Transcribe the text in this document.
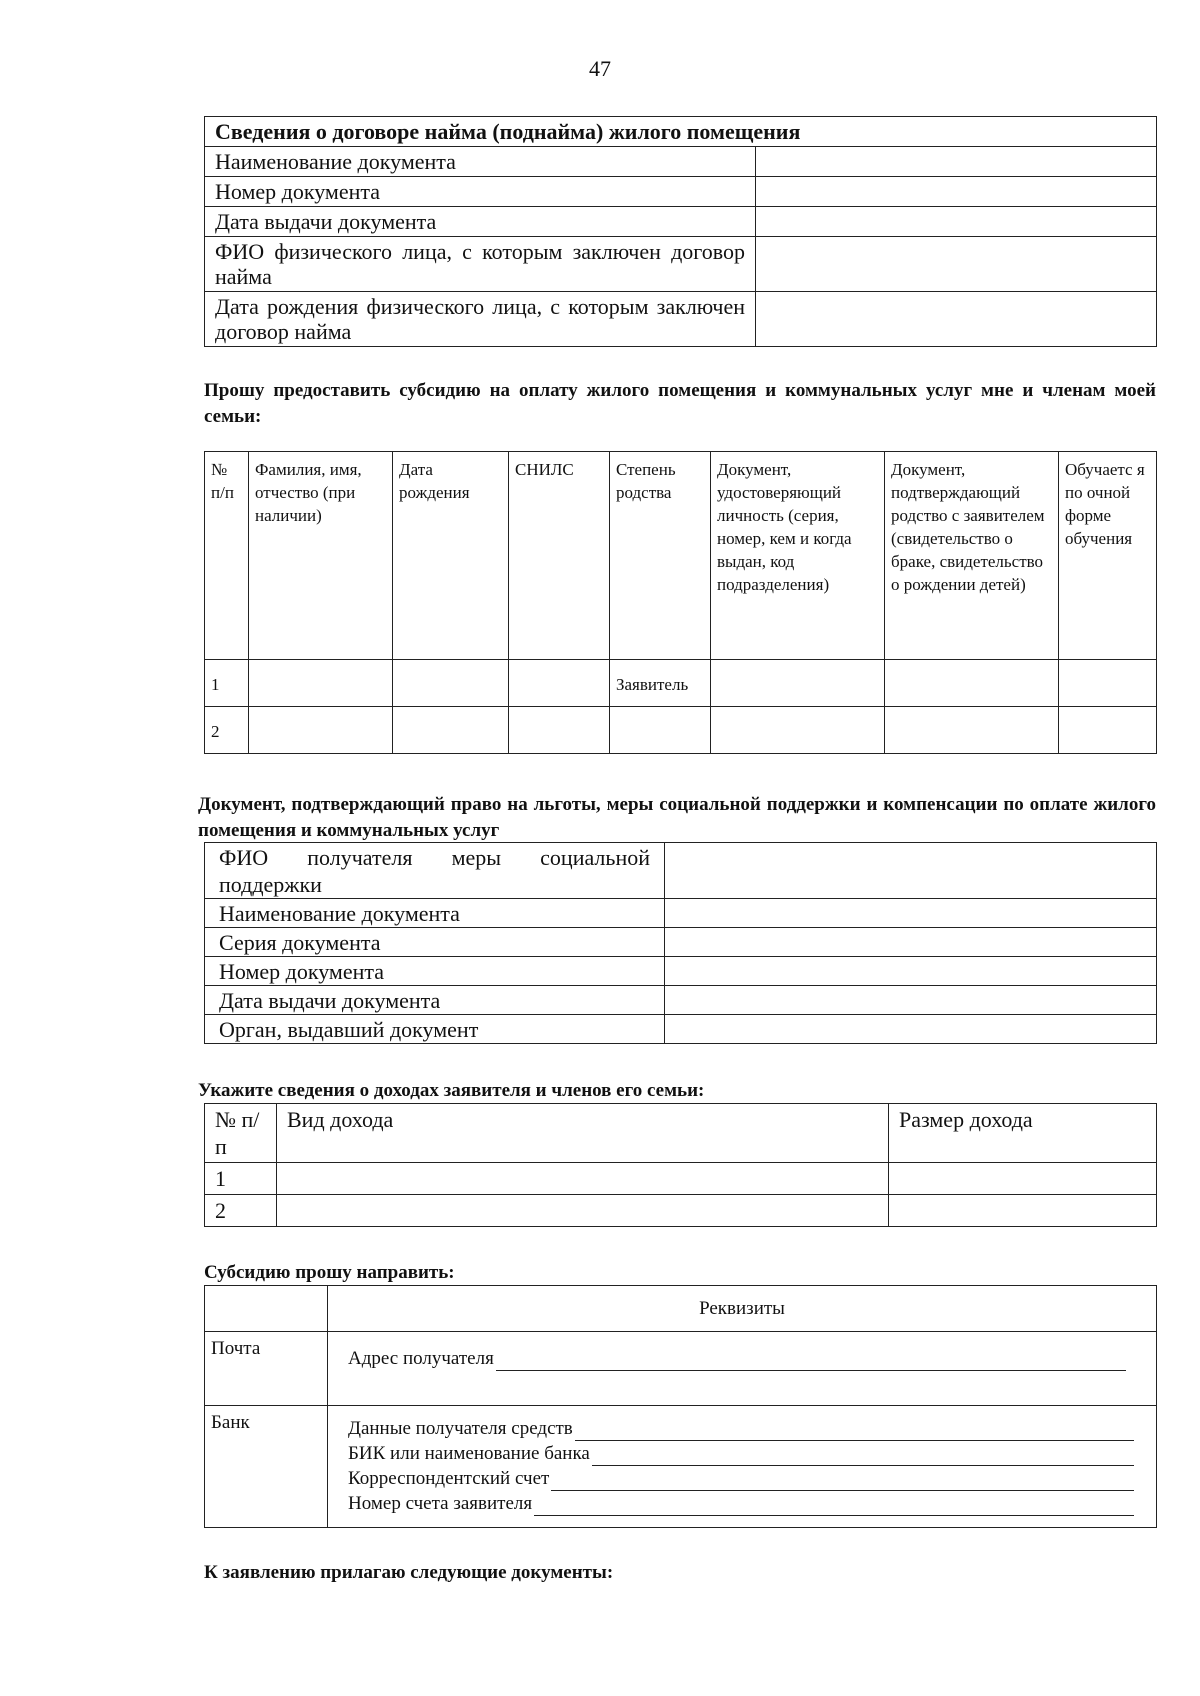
47
Сведения о договоре найма (поднайма) жилого помещения	
Наименование документа	
Номер документа	
Дата выдачи документа	
ФИО физического лица, с которым заключен договор найма	
Дата рождения физического лица, с которым заключен договор найма	
Прошу предоставить субсидию на оплату жилого помещения и коммунальных услуг мне и членам моей семьи:
№ п/п	Фамилия, имя, отчество (при наличии)	Дата рождения	СНИЛС	Степень родства	Документ, удостоверяющий личность (серия, номер, кем и когда выдан, код подразделения)	Документ, подтверждающий родство с заявителем (свидетельство о браке, свидетельство о рождении детей)	Обучаетс я по очной форме обучения
1				Заявитель			
2							
Документ, подтверждающий право на льготы, меры социальной поддержки и компенсации по оплате жилого помещения и коммунальных услуг
ФИО получателя меры социальной поддержки	
Наименование документа	
Серия документа	
Номер документа	
Дата выдачи документа	
Орган, выдавший документ	
Укажите сведения о доходах заявителя и членов его семьи:
№ п/п	Вид дохода	Размер дохода
1		
2		
Субсидию прошу направить:
	Реквизиты
Почта	Адрес получателя

Банк	Данные получателя средств
БИК или наименование банка
Корреспондентский счет
Номер счета заявителя
К заявлению прилагаю следующие документы:
